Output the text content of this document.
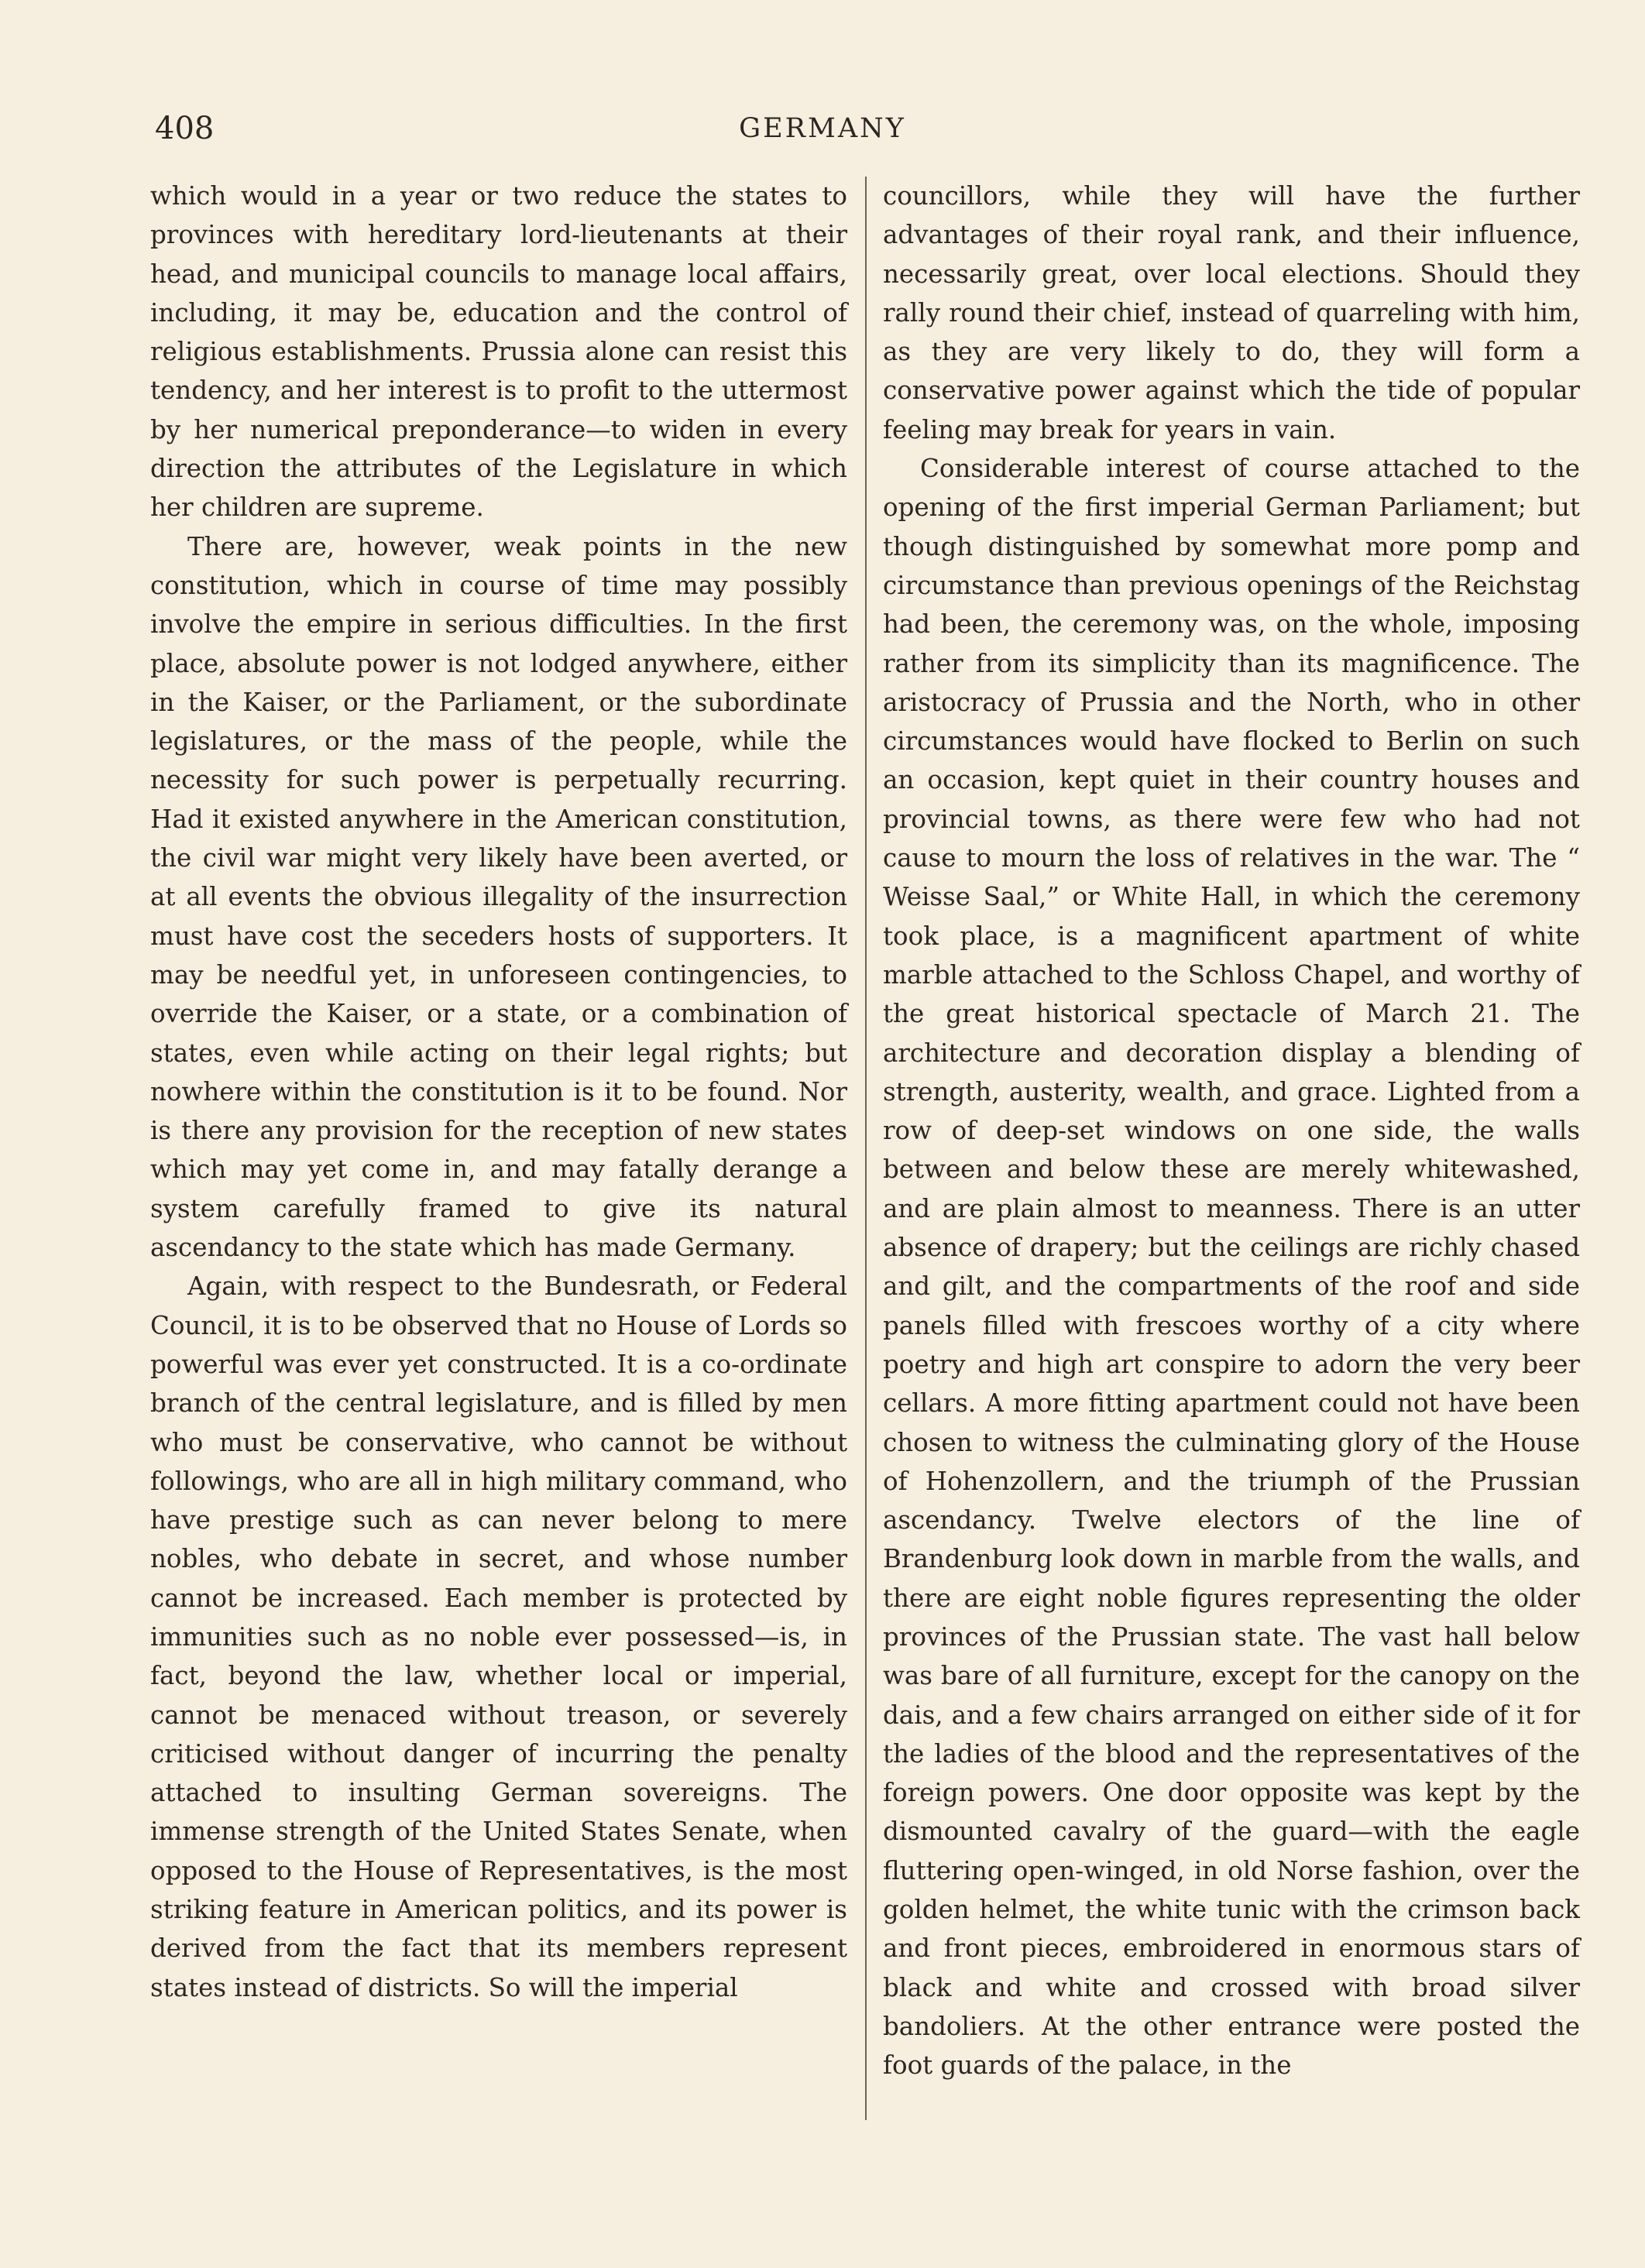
408	GERMANY

which would in a year or two reduce the states to provinces with hereditary lord-lieutenants at their head, and municipal councils to manage local affairs, including, it may be, education and the control of religious establishments. Prussia alone can resist this tendency, and her interest is to profit to the uttermost by her numerical preponderance—to widen in every direction the attributes of the Legislature in which her children are supreme.

There are, however, weak points in the new constitution, which in course of time may possibly involve the empire in serious difficulties. In the first place, absolute power is not lodged anywhere, either in the Kaiser, or the Parliament, or the subordinate legislatures, or the mass of the people, while the necessity for such power is perpetually recurring. Had it existed anywhere in the American constitution, the civil war might very likely have been averted, or at all events the obvious illegality of the insurrection must have cost the seceders hosts of supporters. It may be needful yet, in unforeseen contingencies, to override the Kaiser, or a state, or a combination of states, even while acting on their legal rights; but nowhere within the constitution is it to be found. Nor is there any provision for the reception of new states which may yet come in, and may fatally derange a system carefully framed to give its natural ascendancy to the state which has made Germany.

Again, with respect to the Bundesrath, or Federal Council, it is to be observed that no House of Lords so powerful was ever yet constructed. It is a co-ordinate branch of the central legislature, and is filled by men who must be conservative, who cannot be without followings, who are all in high military command, who have prestige such as can never belong to mere nobles, who debate in secret, and whose number cannot be increased. Each member is protected by immunities such as no noble ever possessed—is, in fact, beyond the law, whether local or imperial, cannot be menaced without treason, or severely criticised without danger of incurring the penalty attached to insulting German sovereigns. The immense strength of the United States Senate, when opposed to the House of Representatives, is the most striking feature in American politics, and its power is derived from the fact that its members represent states instead of districts. So will the imperial

councillors, while they will have the further advantages of their royal rank, and their influence, necessarily great, over local elections. Should they rally round their chief, instead of quarreling with him, as they are very likely to do, they will form a conservative power against which the tide of popular feeling may break for years in vain.

Considerable interest of course attached to the opening of the first imperial German Parliament; but though distinguished by somewhat more pomp and circumstance than previous openings of the Reichstag had been, the ceremony was, on the whole, imposing rather from its simplicity than its magnificence. The aristocracy of Prussia and the North, who in other circumstances would have flocked to Berlin on such an occasion, kept quiet in their country houses and provincial towns, as there were few who had not cause to mourn the loss of relatives in the war. The “ Weisse Saal,” or White Hall, in which the ceremony took place, is a magnificent apartment of white marble attached to the Schloss Chapel, and worthy of the great historical spectacle of March 21. The architecture and decoration display a blending of strength, austerity, wealth, and grace. Lighted from a row of deep-set windows on one side, the walls between and below these are merely whitewashed, and are plain almost to meanness. There is an utter absence of drapery; but the ceilings are richly chased and gilt, and the compartments of the roof and side panels filled with frescoes worthy of a city where poetry and high art conspire to adorn the very beer cellars. A more fitting apartment could not have been chosen to witness the culminating glory of the House of Hohenzollern, and the triumph of the Prussian ascendancy. Twelve electors of the line of Brandenburg look down in marble from the walls, and there are eight noble figures representing the older provinces of the Prussian state. The vast hall below was bare of all furniture, except for the canopy on the dais, and a few chairs arranged on either side of it for the ladies of the blood and the representatives of the foreign powers. One door opposite was kept by the dismounted cavalry of the guard—with the eagle fluttering open-winged, in old Norse fashion, over the golden helmet, the white tunic with the crimson back and front pieces, embroidered in enormous stars of black and white and crossed with broad silver bandoliers. At the other entrance were posted the foot guards of the palace, in the
